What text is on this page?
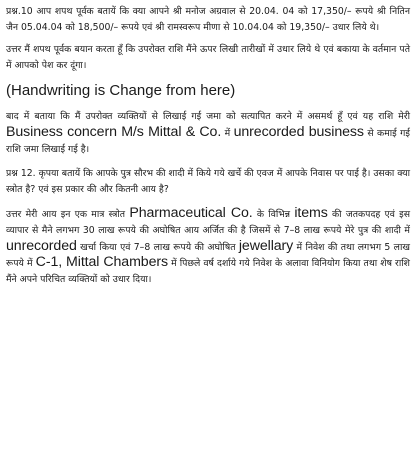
प्रश्न.10 आप शपथ पूर्वक बतायें कि क्या आपने श्री मनोज अग्रवाल से 20.04. 04 को 17,350/– रूपये श्री नितिन जैन 05.04.04 को 18,500/– रूपये एवं श्री रामस्वरूप मीणा से 10.04.04 को 19,350/– उधार लिये थे।

उत्तर मैं शपथ पूर्वक बयान करता हूँ कि उपरोक्त राशि मैंने ऊपर लिखी तारीखों में उधार लिये थे एवं बकाया के वर्तमान पते में आपको पेश कर दूंगा।

(Handwriting is Change from here)

बाद में बताया कि मैं उपरोक्त व्यक्तियों से लिखाई गई जमा को सत्यापित करने में असमर्थ हूँ एवं यह राशि मेरी Business concern M/s Mittal & Co. में unrecorded business से कमाई गई राशि जमा लिखाई गई है।

प्रश्न 12. कृपया बतायें कि आपके पुत्र सौरभ की शादी में किये गये खर्चे की एवज में आपके निवास पर पाई है। उसका क्या स्त्रोत है? एवं इस प्रकार की और कितनी आय है?

उत्तर मेरी आय इन एक मात्र स्त्रोत Pharmaceutical Co. के विभिन्न items की जतकपदह एवं इस व्यापार से मैने लगभग 30 लाख रूपये की अघोषित आय अर्जित की है जिसमें से 7–8 लाख रूपये मेरे पुत्र की शादी में unrecorded खर्चा किया एवं 7–8 लाख रूपये की अघोषित jewellary में निवेश की तथा लगभग 5 लाख रूपये में C-1, Mittal Chambers में पिछले वर्ष दर्शाये गये निवेश के अलावा विनियोग किया तथा शेष राशि मैंने अपने परिचित व्यक्तियों को उधार दिया।
